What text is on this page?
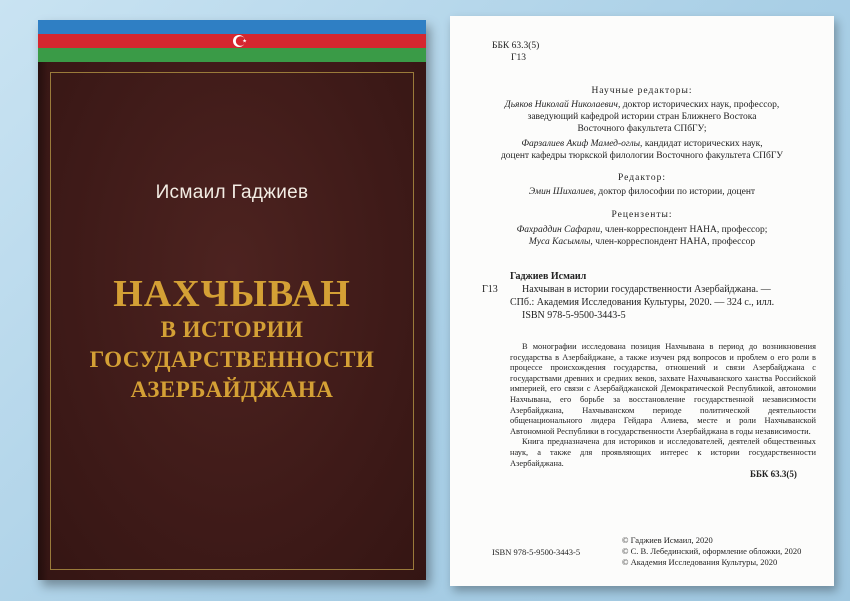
Исмаил Гаджиев
НАХЧЫВАН
В ИСТОРИИ
ГОСУДАРСТВЕННОСТИ
АЗЕРБАЙДЖАНА
ББК 63.3(5)
Г13
Научные редакторы:
Дьяков Николай Николаевич, доктор исторических наук, профессор,
заведующий кафедрой истории стран Ближнего Востока
Восточного факультета СПбГУ;
Фарзалиев Акиф Мамед-оглы, кандидат исторических наук,
доцент кафедры тюркской филологии Восточного факультета СПбГУ
Редактор:
Эмин Шихалиев, доктор философии по истории, доцент
Рецензенты:
Фахраддин Сафарли, член-корреспондент НАНА, профессор;
Муса Касымлы, член-корреспондент НАНА, профессор
Гаджиев Исмаил
Г13 Нахчыван в истории государственности Азербайджана. —
СПб.: Академия Исследования Культуры, 2020. — 324 с., илл.
ISBN 978-5-9500-3443-5

В монографии исследована позиция Нахчывана в период до возникновения государства в Азербайджане, а также изучен ряд вопросов и проблем о его роли в процессе происхождения государства, отношений и связи Азербайджана с государствами древних и средних веков, захвате Нахчыванского ханства Российской империей, его связи с Азербайджанской Демократической Республикой, автономии Нахчывана, его борьбе за восстановление государственной независимости Азербайджана, Нахчыванском периоде политической деятельности общенационального лидера Гейдара Алиева, месте и роли Нахчыванской Автономной Республики в государственности Азербайджана в годы независимости.

Книга предназначена для историков и исследователей, деятелей общественных наук, а также для проявляющих интерес к истории государственности Азербайджана.

ББК 63.3(5)
© Гаджиев Исмаил, 2020
© С. В. Лебединский, оформление обложки, 2020
ISBN 978-5-9500-3443-5
© Академия Исследования Культуры, 2020
